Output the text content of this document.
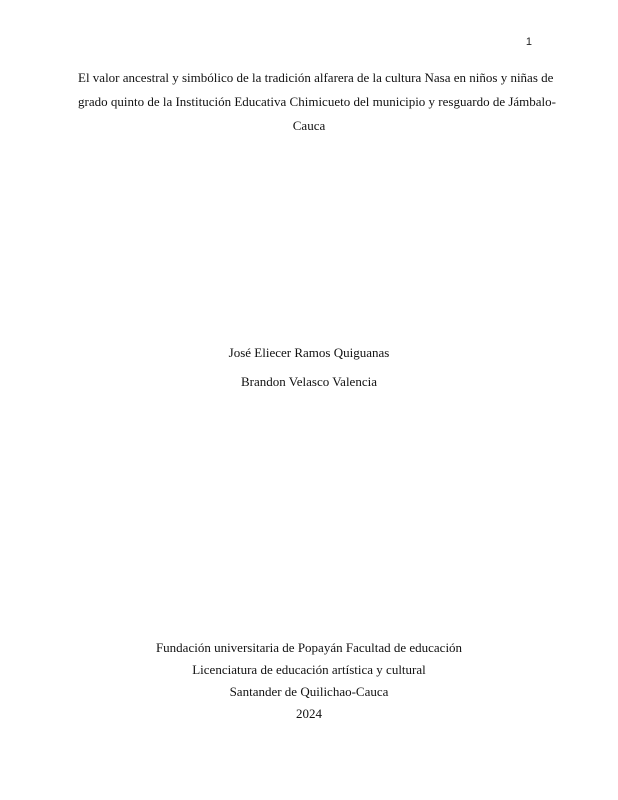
1
El valor ancestral y simbólico de la tradición alfarera de la cultura Nasa en niños y niñas de
grado quinto de la Institución Educativa Chimicueto del municipio y resguardo de Jámbalo-
Cauca
José Eliecer Ramos Quiguanas
Brandon Velasco Valencia
Fundación universitaria de Popayán Facultad de educación
Licenciatura de educación artística y cultural
Santander de Quilichao-Cauca
2024
